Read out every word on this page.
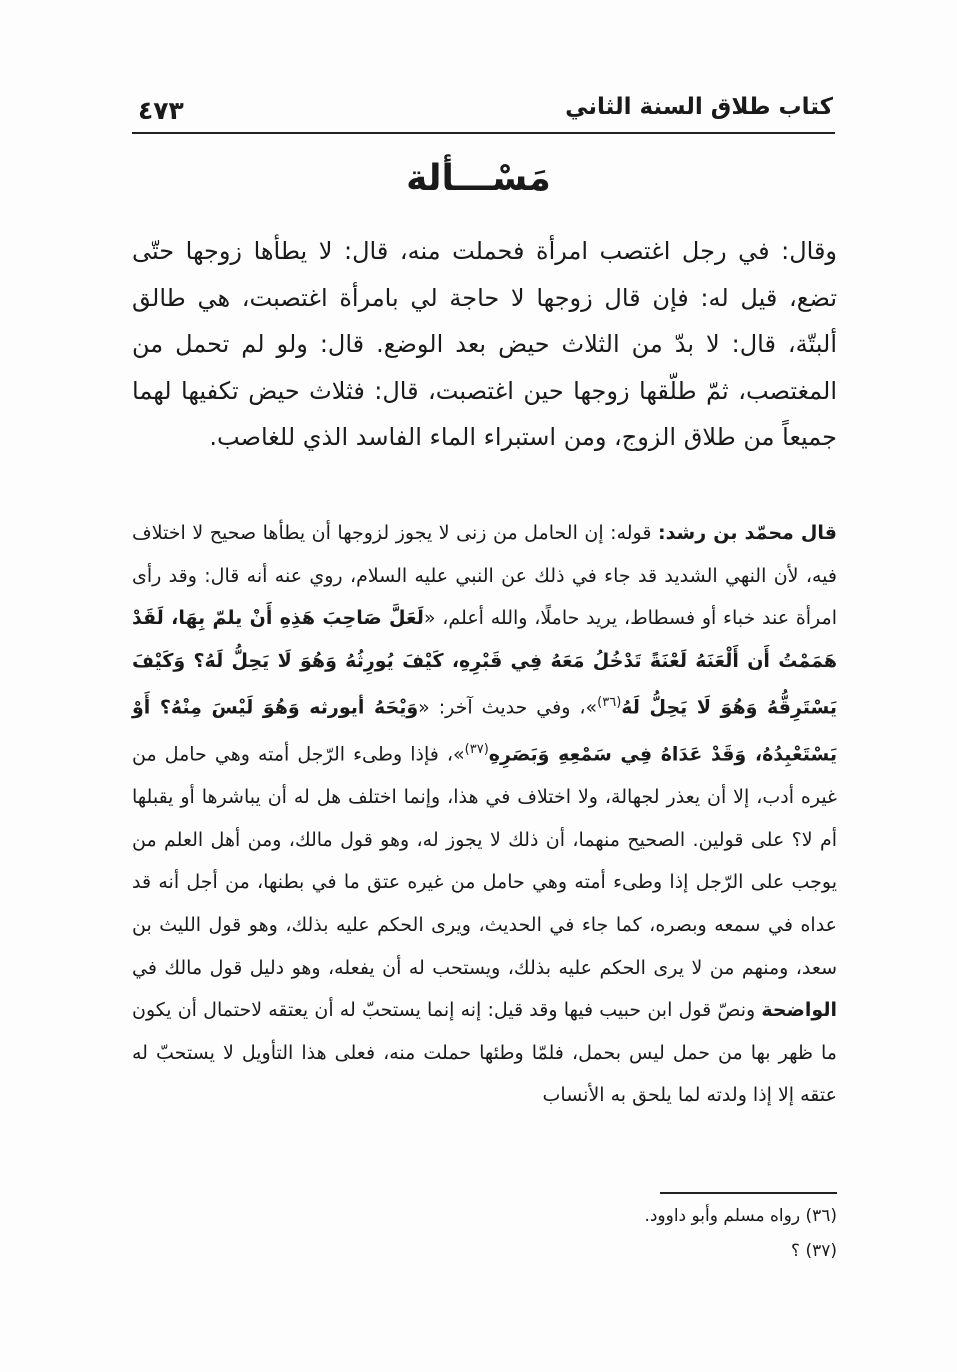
٤٧٣	كتاب طلاق السنة الثاني
مَسْـــألة

وقال: في رجل اغتصب امرأة فحملت منه، قال: لا يطأها زوجها حتّى تضع، قيل له: فإن قال زوجها لا حاجة لي بامرأة اغتصبت، هي طالق ألبتّة، قال: لا بدّ من الثلاث حيض بعد الوضع. قال: ولو لم تحمل من المغتصب، ثمّ طلّقها زوجها حين اغتصبت، قال: فثلاث حيض تكفيها لهما جميعاً من طلاق الزوج، ومن استبراء الماء الفاسد الذي للغاصب.

قال محمّد بن رشد: قوله: إن الحامل من زنى لا يجوز لزوجها أن يطأها صحيح لا اختلاف فيه، لأن النهي الشديد قد جاء في ذلك عن النبي عليه السلام، روي عنه أنه قال: وقد رأى امرأة عند خباء أو فسطاط، يريد حاملًا، والله أعلم، «لَعَلَّ صَاحِبَ هَذِهِ أَنْ يلمّ بِهَا، لَقَدْ هَمَمْتُ أَن أَلْعَنَهُ لَعْنَةً تَدْخُلُ مَعَهُ فِي قَبْرِهِ، كَيْفَ يُورِثُهُ وَهُوَ لَا يَحِلُّ لَهُ؟ وَكَيْفَ يَسْتَرِقُّهُ وَهُوَ لَا يَحِلُّ لَهُ$^{(٣٦)}$»، وفي حديث آخر: «وَيْحَهُ أيورثه وَهُوَ لَيْسَ مِنْهُ؟ أَوْ يَسْتَعْبِدُهُ، وَقَدْ عَدَاهُ فِي سَمْعِهِ وَبَصَرِهِ$^{(٣٧)}$»، فإذا وطىء الرّجل أمته وهي حامل من غيره أدب، إلا أن يعذر لجهالة، ولا اختلاف في هذا، وإنما اختلف هل له أن يباشرها أو يقبلها أم لا؟ على قولين. الصحيح منهما، أن ذلك لا يجوز له، وهو قول مالك، ومن أهل العلم من يوجب على الرّجل إذا وطىء أمته وهي حامل من غيره عتق ما في بطنها، من أجل أنه قد عداه في سمعه وبصره، كما جاء في الحديث، ويرى الحكم عليه بذلك، وهو قول الليث بن سعد، ومنهم من لا يرى الحكم عليه بذلك، ويستحب له أن يفعله، وهو دليل قول مالك في الواضحة ونصّ قول ابن حبيب فيها وقد قيل: إنه إنما يستحبّ له أن يعتقه لاحتمال أن يكون ما ظهر بها من حمل ليس بحمل، فلمّا وطئها حملت منه، فعلى هذا التأويل لا يستحبّ له عتقه إلا إذا ولدته لما يلحق به الأنساب

(٣٦) رواه مسلم وأبو داوود.
(٣٧) ؟
